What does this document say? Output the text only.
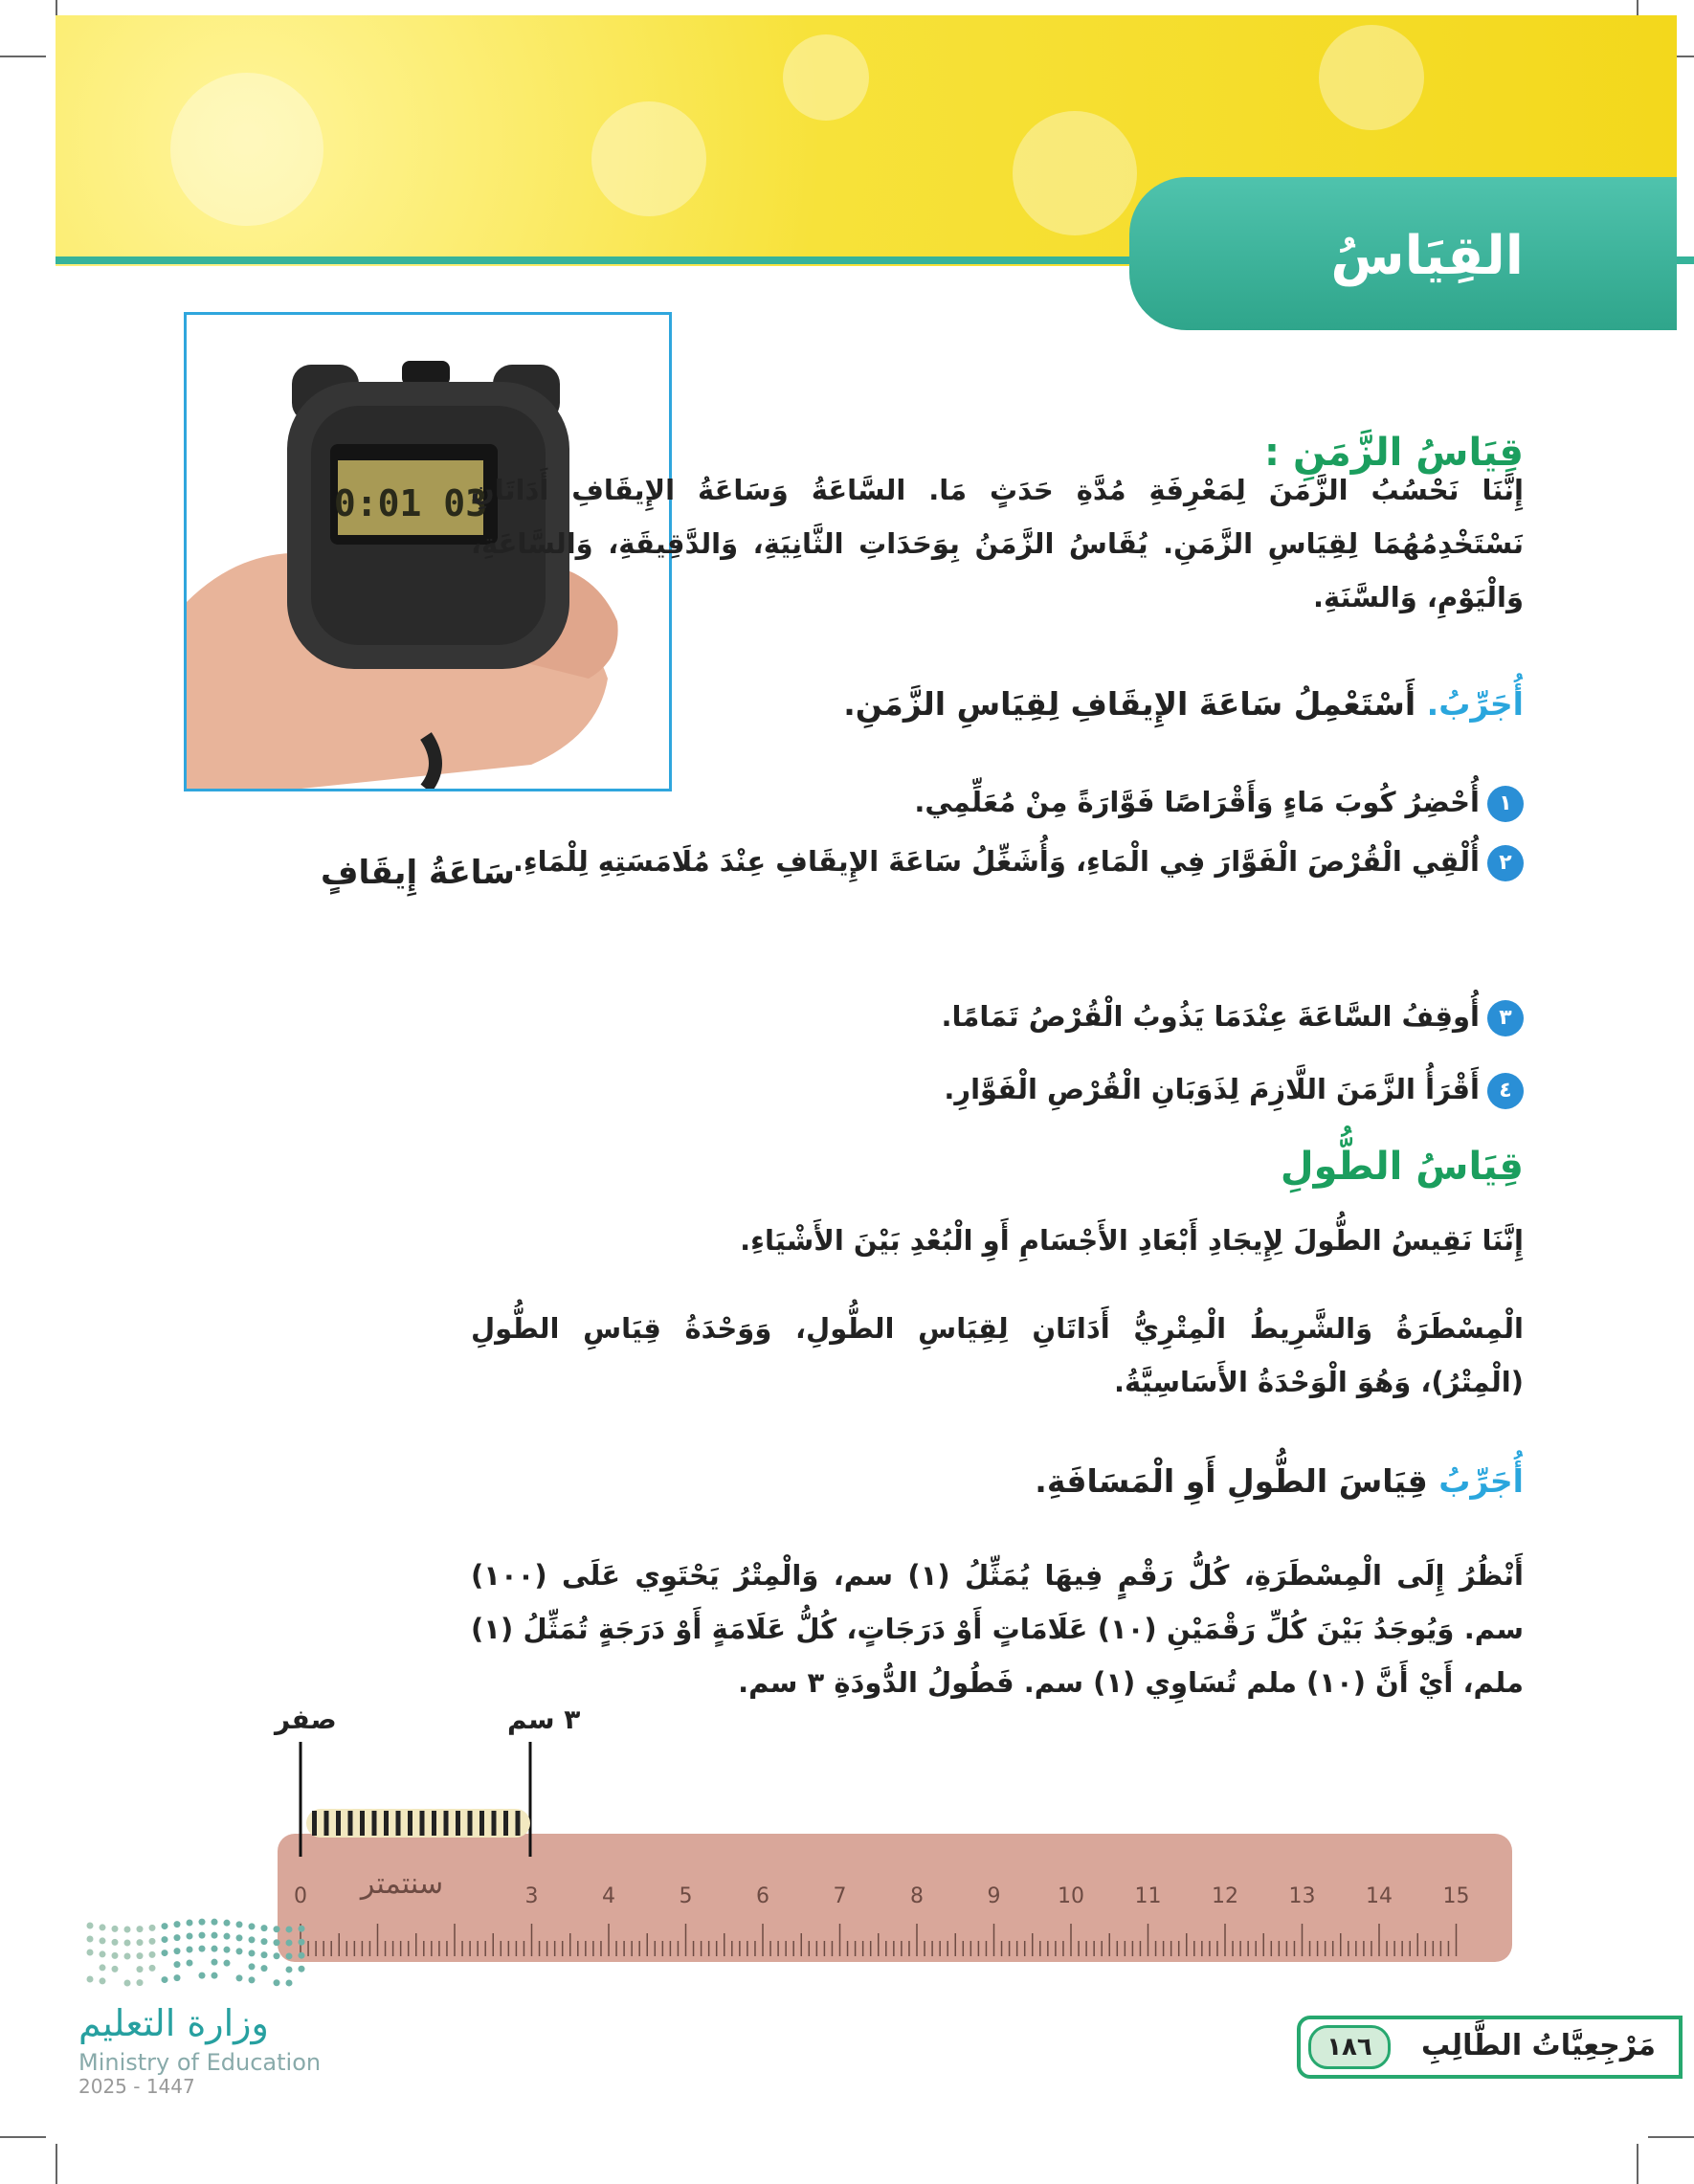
القِيَاسُ
0:01 03
سَاعَةُ إِيقَافٍ
قِيَاسُ الزَّمَنِ :
إِنَّنَا نَحْسُبُ الزَّمَنَ لِمَعْرِفَةِ مُدَّةِ حَدَثٍ مَا. السَّاعَةُ وَسَاعَةُ الإِيقَافِ أَدَاتَانِ نَسْتَخْدِمُهُمَا لِقِيَاسِ الزَّمَنِ. يُقَاسُ الزَّمَنُ بِوَحَدَاتِ الثَّانِيَةِ، وَالدَّقِيقَةِ، وَالسَّاعَةِ، وَالْيَوْمِ، وَالسَّنَةِ.
أُجَرِّبُ. أَسْتَعْمِلُ سَاعَةَ الإِيقَافِ لِقِيَاسِ الزَّمَنِ.
١أُحْضِرُ كُوبَ مَاءٍ وَأَقْرَاصًا فَوَّارَةً مِنْ مُعَلِّمِي.
٢أُلْقِي الْقُرْصَ الْفَوَّارَ فِي الْمَاءِ، وَأُشَغِّلُ سَاعَةَ الإِيقَافِ عِنْدَ مُلَامَسَتِهِ لِلْمَاءِ.
٣أُوقِفُ السَّاعَةَ عِنْدَمَا يَذُوبُ الْقُرْصُ تَمَامًا.
٤أَقْرَأُ الزَّمَنَ اللَّازِمَ لِذَوَبَانِ الْقُرْصِ الْفَوَّارِ.
قِيَاسُ الطُّولِ
إِنَّنَا نَقِيسُ الطُّولَ لِإِيجَادِ أَبْعَادِ الأَجْسَامِ أَوِ الْبُعْدِ بَيْنَ الأَشْيَاءِ.
الْمِسْطَرَةُ وَالشَّرِيطُ الْمِتْرِيُّ أَدَاتَانِ لِقِيَاسِ الطُّولِ، وَوَحْدَةُ قِيَاسِ الطُّولِ (الْمِتْرُ)، وَهُوَ الْوَحْدَةُ الأَسَاسِيَّةُ.
أُجَرِّبُ قِيَاسَ الطُّولِ أَوِ الْمَسَافَةِ.
أَنْظُرُ إِلَى الْمِسْطَرَةِ، كُلُّ رَقْمٍ فِيهَا يُمَثِّلُ (١) سم، وَالْمِتْرُ يَحْتَوِي عَلَى (١٠٠) سم. وَيُوجَدُ بَيْنَ كُلِّ رَقْمَيْنِ (١٠) عَلَامَاتٍ أَوْ دَرَجَاتٍ، كُلُّ عَلَامَةٍ أَوْ دَرَجَةٍ تُمَثِّلُ (١) ملم، أَيْ أَنَّ (١٠) ملم تُسَاوِي (١) سم. فَطُولُ الدُّودَةِ ٣ سم.
صفر	٣ سم
سنتمتر
0	3	4	5	6	7	8	9	10 11 12 13 14 15
وزارة التعليم
Ministry of Education
2025 - 1447
١٨٦	مَرْجِعِيَّاتُ الطَّالِبِ
